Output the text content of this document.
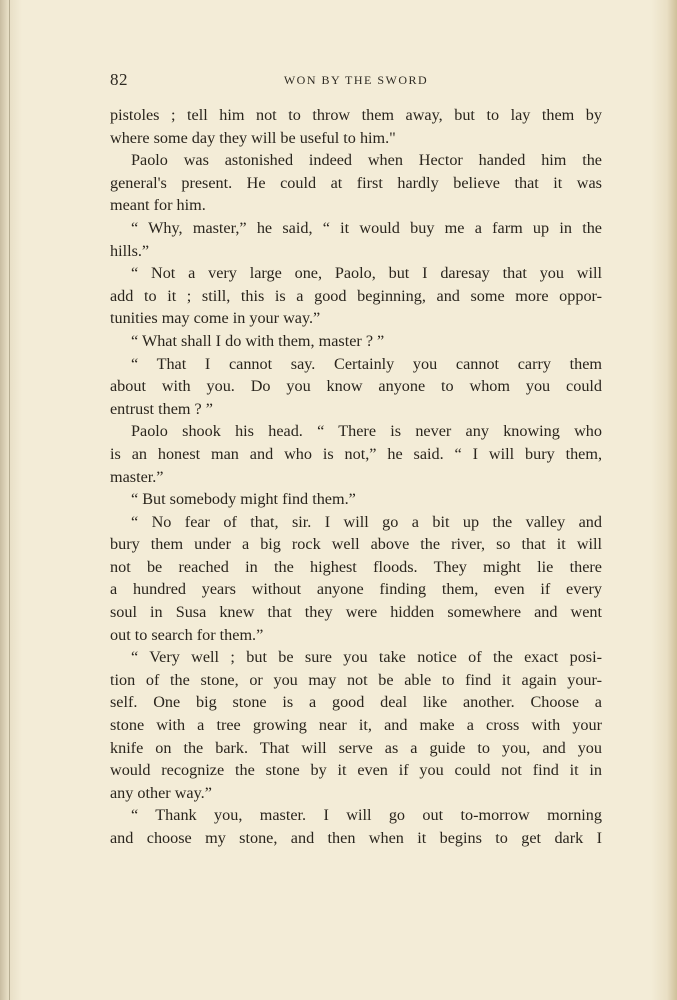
82	WON BY THE SWORD
pistoles ; tell him not to throw them away, but to lay them by
where some day they will be useful to him."
Paolo was astonished indeed when Hector handed him the
general's present. He could at first hardly believe that it was
meant for him.
“ Why, master,” he said, “ it would buy me a farm up in the
hills.”
“ Not a very large one, Paolo, but I daresay that you will
add to it ; still, this is a good beginning, and some more oppor-
tunities may come in your way.”
“ What shall I do with them, master ? ”
“ That I cannot say. Certainly you cannot carry them
about with you. Do you know anyone to whom you could
entrust them ? ”
Paolo shook his head. “ There is never any knowing who
is an honest man and who is not,” he said. “ I will bury them,
master.”
“ But somebody might find them.”
“ No fear of that, sir. I will go a bit up the valley and
bury them under a big rock well above the river, so that it will
not be reached in the highest floods. They might lie there
a hundred years without anyone finding them, even if every
soul in Susa knew that they were hidden somewhere and went
out to search for them.”
“ Very well ; but be sure you take notice of the exact posi-
tion of the stone, or you may not be able to find it again your-
self. One big stone is a good deal like another. Choose a
stone with a tree growing near it, and make a cross with your
knife on the bark. That will serve as a guide to you, and you
would recognize the stone by it even if you could not find it in
any other way.”
“ Thank you, master. I will go out to-morrow morning
and choose my stone, and then when it begins to get dark I
